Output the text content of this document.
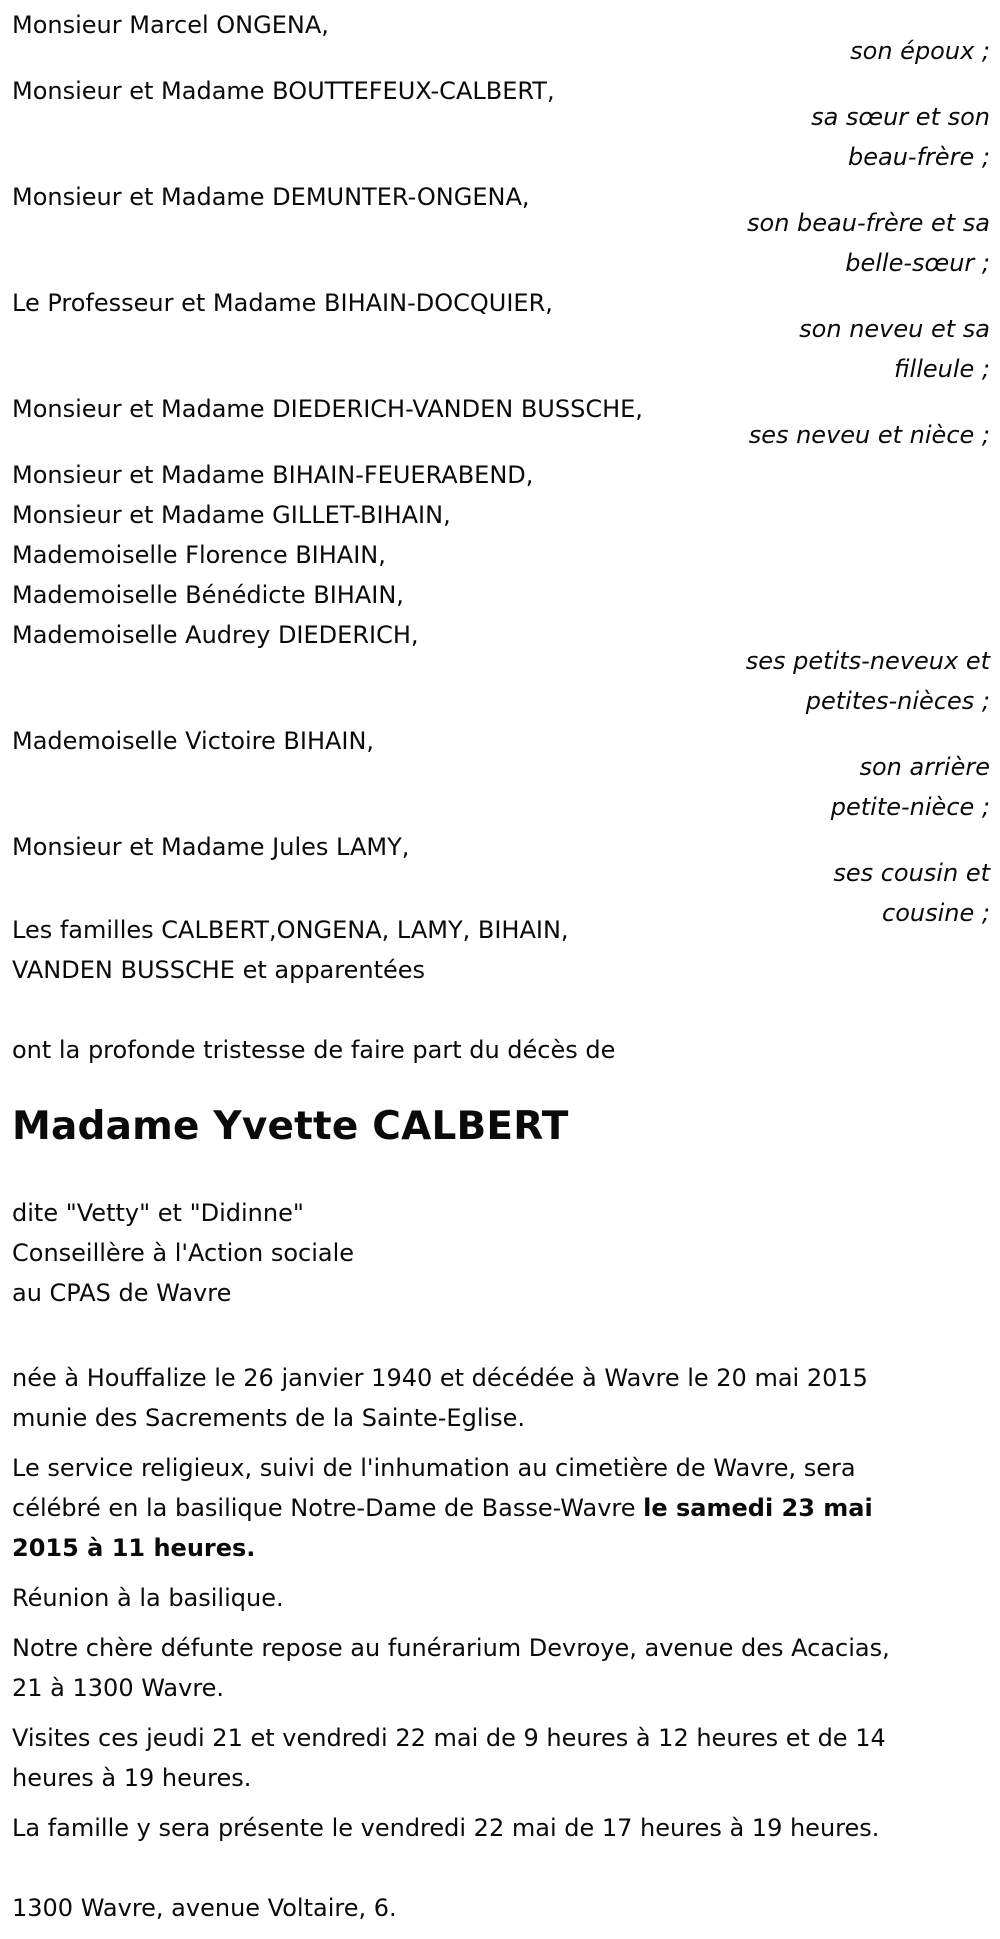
Monsieur Marcel ONGENA,
son époux ;
Monsieur et Madame BOUTTEFEUX-CALBERT,
sa sœur et son
beau-frère ;
Monsieur et Madame DEMUNTER-ONGENA,
son beau-frère et sa
belle-sœur ;
Le Professeur et Madame BIHAIN-DOCQUIER,
son neveu et sa
filleule ;
Monsieur et Madame DIEDERICH-VANDEN BUSSCHE,
ses neveu et nièce ;
Monsieur et Madame BIHAIN-FEUERABEND,
Monsieur et Madame GILLET-BIHAIN,
Mademoiselle Florence BIHAIN,
Mademoiselle Bénédicte BIHAIN,
Mademoiselle Audrey DIEDERICH,
ses petits-neveux et
petites-nièces ;
Mademoiselle Victoire BIHAIN,
son arrière
petite-nièce ;
Monsieur et Madame Jules LAMY,
ses cousin et
cousine ;
Les familles CALBERT,ONGENA, LAMY, BIHAIN,
VANDEN BUSSCHE et apparentées
ont la profonde tristesse de faire part du décès de
Madame Yvette CALBERT
dite "Vetty" et "Didinne"
Conseillère à l'Action sociale
au CPAS de Wavre
née à Houffalize le 26 janvier 1940 et décédée à Wavre le 20 mai 2015
munie des Sacrements de la Sainte-Eglise.
Le service religieux, suivi de l'inhumation au cimetière de Wavre, sera
célébré en la basilique Notre-Dame de Basse-Wavre le samedi 23 mai
2015 à 11 heures.
Réunion à la basilique.
Notre chère défunte repose au funérarium Devroye, avenue des Acacias,
21 à 1300 Wavre.
Visites ces jeudi 21 et vendredi 22 mai de 9 heures à 12 heures et de 14
heures à 19 heures.
La famille y sera présente le vendredi 22 mai de 17 heures à 19 heures.
1300 Wavre, avenue Voltaire, 6.
